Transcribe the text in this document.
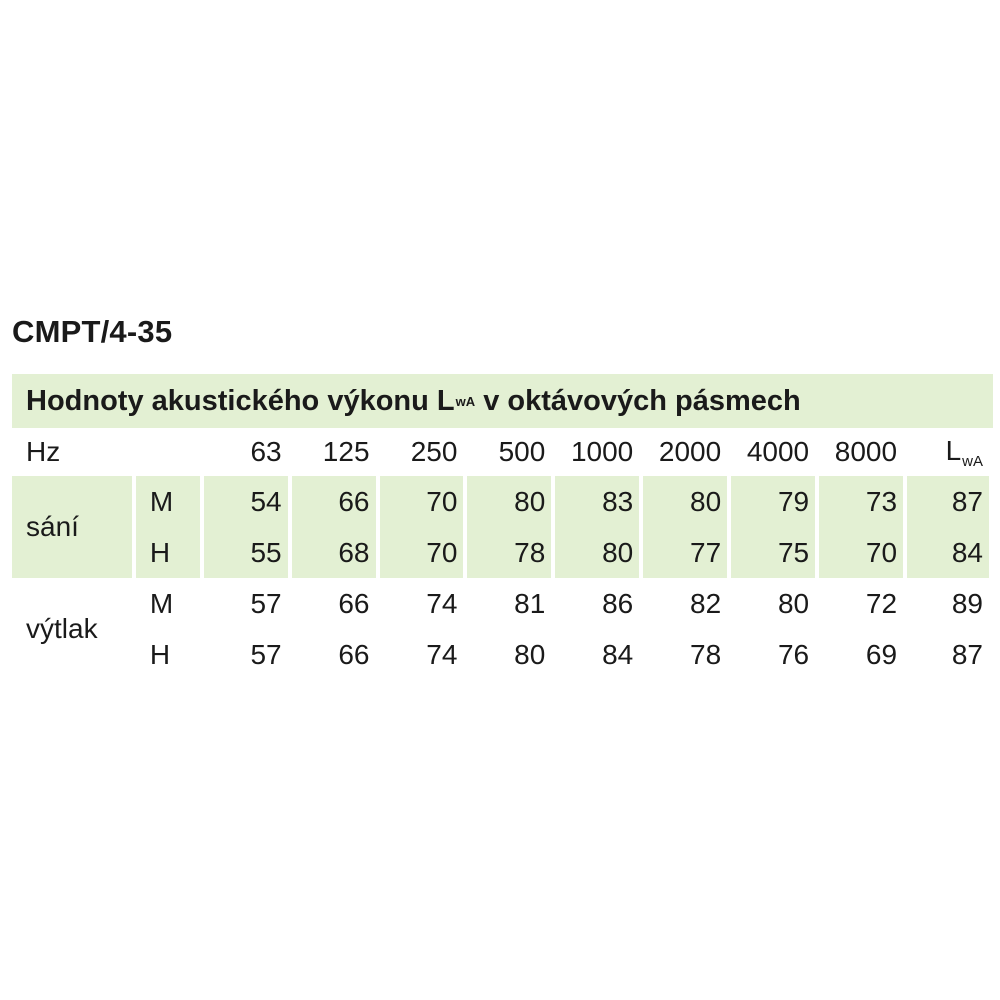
CMPT/4-35
Hodnoty akustického výkonu L wA v oktávových pásmech
Hz		63	125	250	500	1000	2000	4000	8000	$L_{wA}$
sání	M	54	66	70	80	83	80	79	73	87
	H	55	68	70	78	80	77	75	70	84
výtlak	M	57	66	74	81	86	82	80	72	89
	H	57	66	74	80	84	78	76	69	87
